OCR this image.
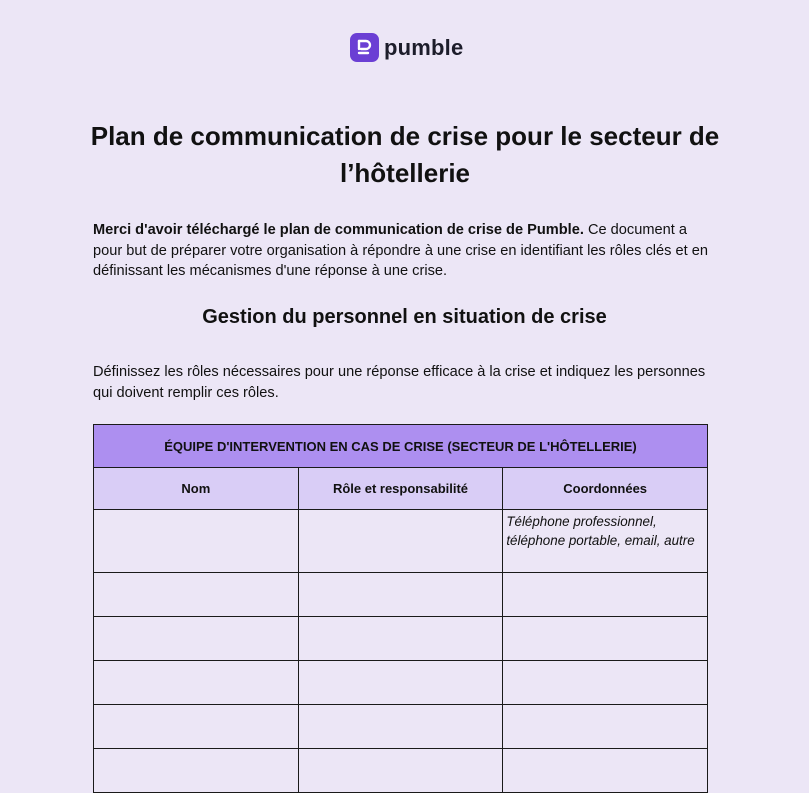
pumble
Plan de communication de crise pour le secteur de l’hôtellerie

Merci d'avoir téléchargé le plan de communication de crise de Pumble. Ce document a pour but de préparer votre organisation à répondre à une crise en identifiant les rôles clés et en définissant les mécanismes d'une réponse à une crise.

Gestion du personnel en situation de crise

Définissez les rôles nécessaires pour une réponse efficace à la crise et indiquez les personnes qui doivent remplir ces rôles.

ÉQUIPE D'INTERVENTION EN CAS DE CRISE (SECTEUR DE L'HÔTELLERIE)		
Nom	Rôle et responsabilité	Coordonnées

		Téléphone professionnel, téléphone portable, email, autre
